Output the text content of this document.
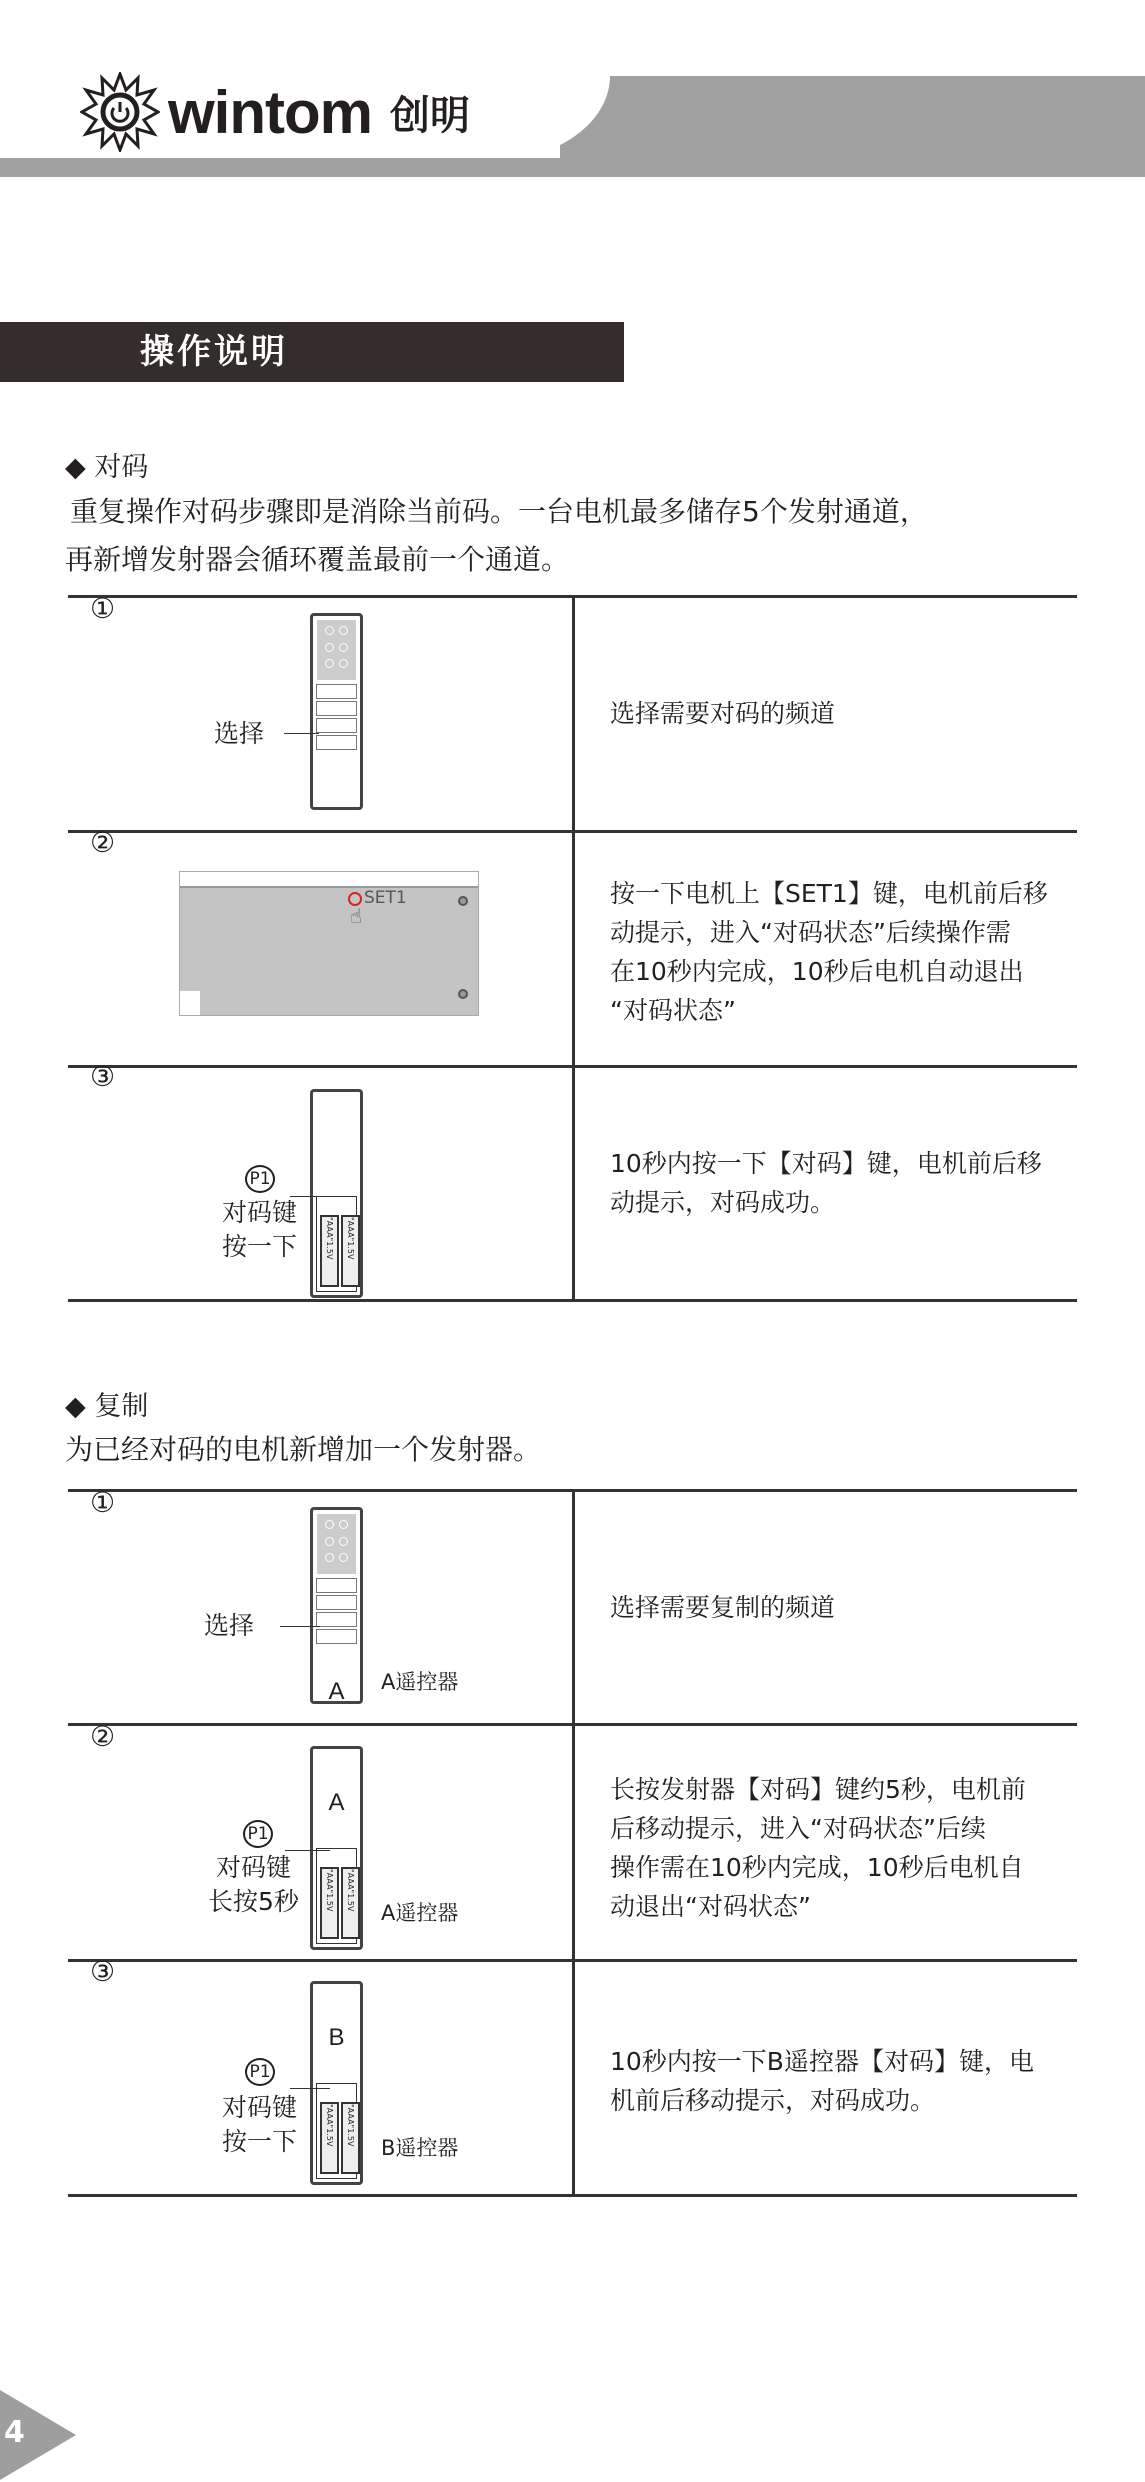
wintom 创明
操作说明
◆ 对码
重复操作对码步骤即是消除当前码。一台电机最多储存5个发射通道，
再新增发射器会循环覆盖最前一个通道。
①
选择
选择需要对码的频道
②
SET1
☝
按一下电机上【SET1】键，电机前后移
动提示，进入“对码状态”后续操作需
在10秒内完成，10秒后电机自动退出
“对码状态”
③
"AAA"1.5V	"AAA"1.5V
P1
对码键
按一下
10秒内按一下【对码】键，电机前后移
动提示，对码成功。
◆ 复制
为已经对码的电机新增加一个发射器。
①
A
选择
A遥控器
选择需要复制的频道
②
A
"AAA"1.5V	"AAA"1.5V
P1
对码键
长按5秒	A遥控器
长按发射器【对码】键约5秒，电机前
后移动提示，进入“对码状态”后续
操作需在10秒内完成，10秒后电机自
动退出“对码状态”
③
B
"AAA"1.5V	"AAA"1.5V
P1
对码键
按一下	B遥控器
10秒内按一下B遥控器【对码】键，电
机前后移动提示，对码成功。
4
